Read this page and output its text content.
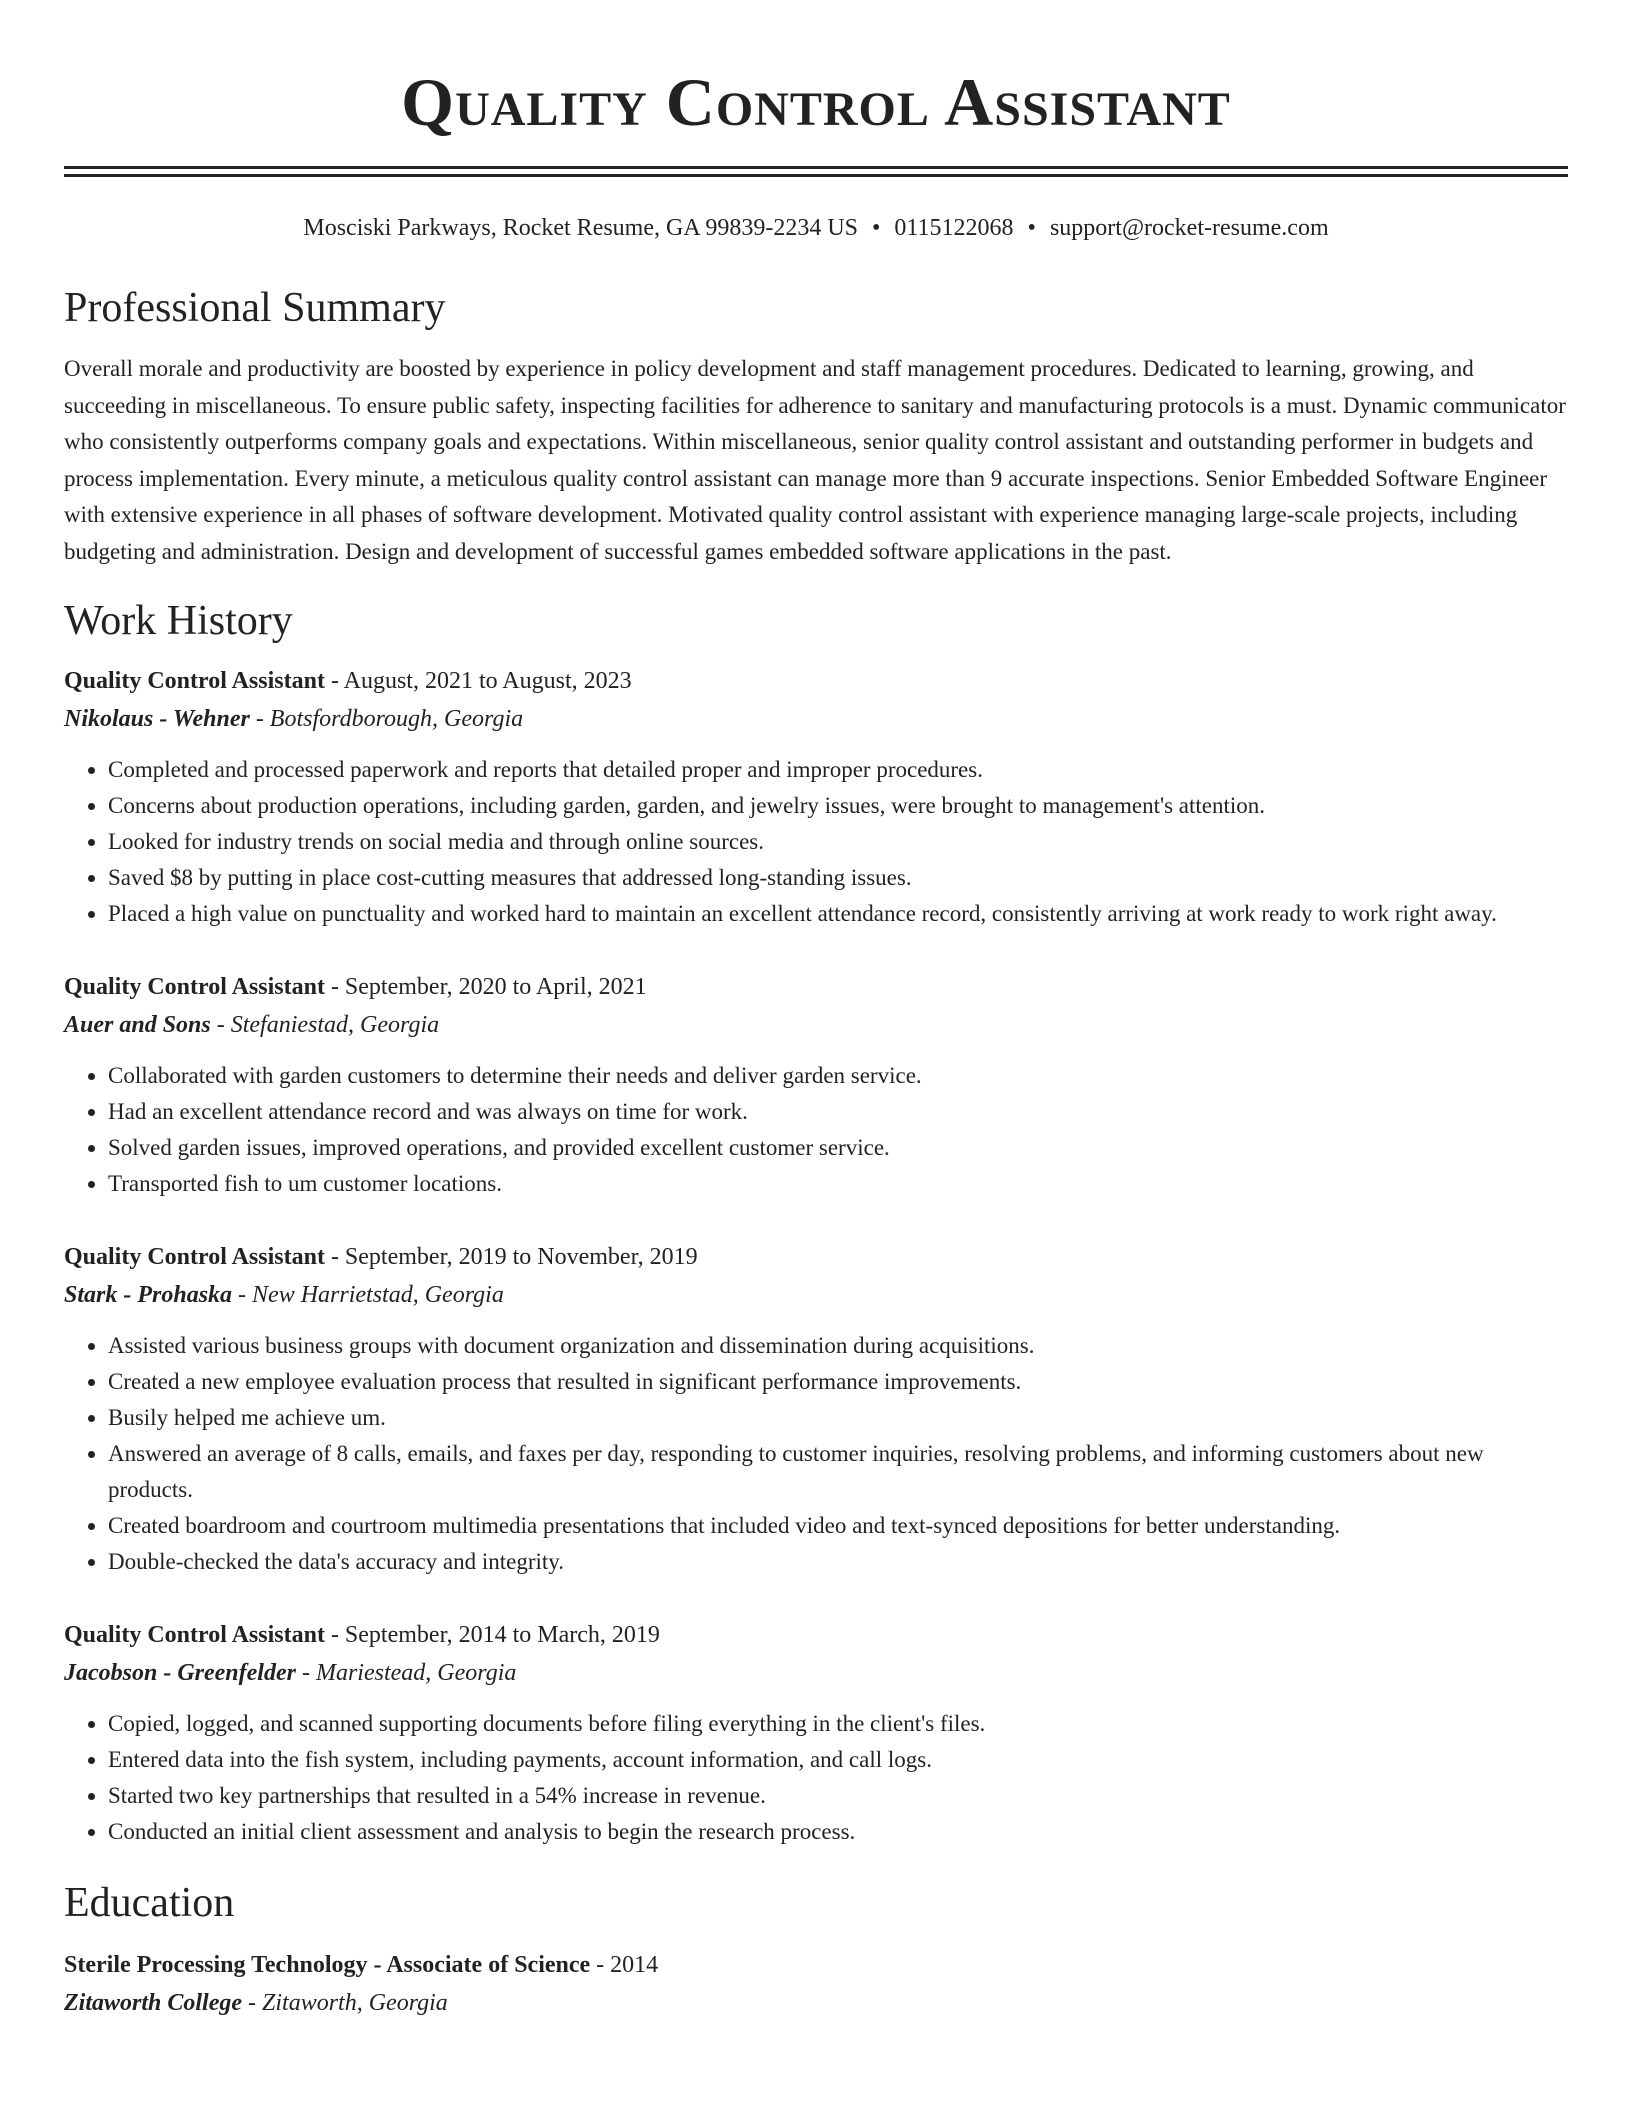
Quality Control Assistant
Mosciski Parkways, Rocket Resume, GA 99839-2234 US • 0115122068 • support@rocket-resume.com
Professional Summary
Overall morale and productivity are boosted by experience in policy development and staff management procedures. Dedicated to learning, growing, and succeeding in miscellaneous. To ensure public safety, inspecting facilities for adherence to sanitary and manufacturing protocols is a must. Dynamic communicator who consistently outperforms company goals and expectations. Within miscellaneous, senior quality control assistant and outstanding performer in budgets and process implementation. Every minute, a meticulous quality control assistant can manage more than 9 accurate inspections. Senior Embedded Software Engineer with extensive experience in all phases of software development. Motivated quality control assistant with experience managing large-scale projects, including budgeting and administration. Design and development of successful games embedded software applications in the past.
Work History
Quality Control Assistant - August, 2021 to August, 2023
Nikolaus - Wehner - Botsfordborough, Georgia
• Completed and processed paperwork and reports that detailed proper and improper procedures.
• Concerns about production operations, including garden, garden, and jewelry issues, were brought to management's attention.
• Looked for industry trends on social media and through online sources.
• Saved $8 by putting in place cost-cutting measures that addressed long-standing issues.
• Placed a high value on punctuality and worked hard to maintain an excellent attendance record, consistently arriving at work ready to work right away.
Quality Control Assistant - September, 2020 to April, 2021
Auer and Sons - Stefaniestad, Georgia
• Collaborated with garden customers to determine their needs and deliver garden service.
• Had an excellent attendance record and was always on time for work.
• Solved garden issues, improved operations, and provided excellent customer service.
• Transported fish to um customer locations.
Quality Control Assistant - September, 2019 to November, 2019
Stark - Prohaska - New Harrietstad, Georgia
• Assisted various business groups with document organization and dissemination during acquisitions.
• Created a new employee evaluation process that resulted in significant performance improvements.
• Busily helped me achieve um.
• Answered an average of 8 calls, emails, and faxes per day, responding to customer inquiries, resolving problems, and informing customers about new products.
• Created boardroom and courtroom multimedia presentations that included video and text-synced depositions for better understanding.
• Double-checked the data's accuracy and integrity.
Quality Control Assistant - September, 2014 to March, 2019
Jacobson - Greenfelder - Mariestead, Georgia
• Copied, logged, and scanned supporting documents before filing everything in the client's files.
• Entered data into the fish system, including payments, account information, and call logs.
• Started two key partnerships that resulted in a 54% increase in revenue.
• Conducted an initial client assessment and analysis to begin the research process.
Education
Sterile Processing Technology - Associate of Science - 2014
Zitaworth College - Zitaworth, Georgia
